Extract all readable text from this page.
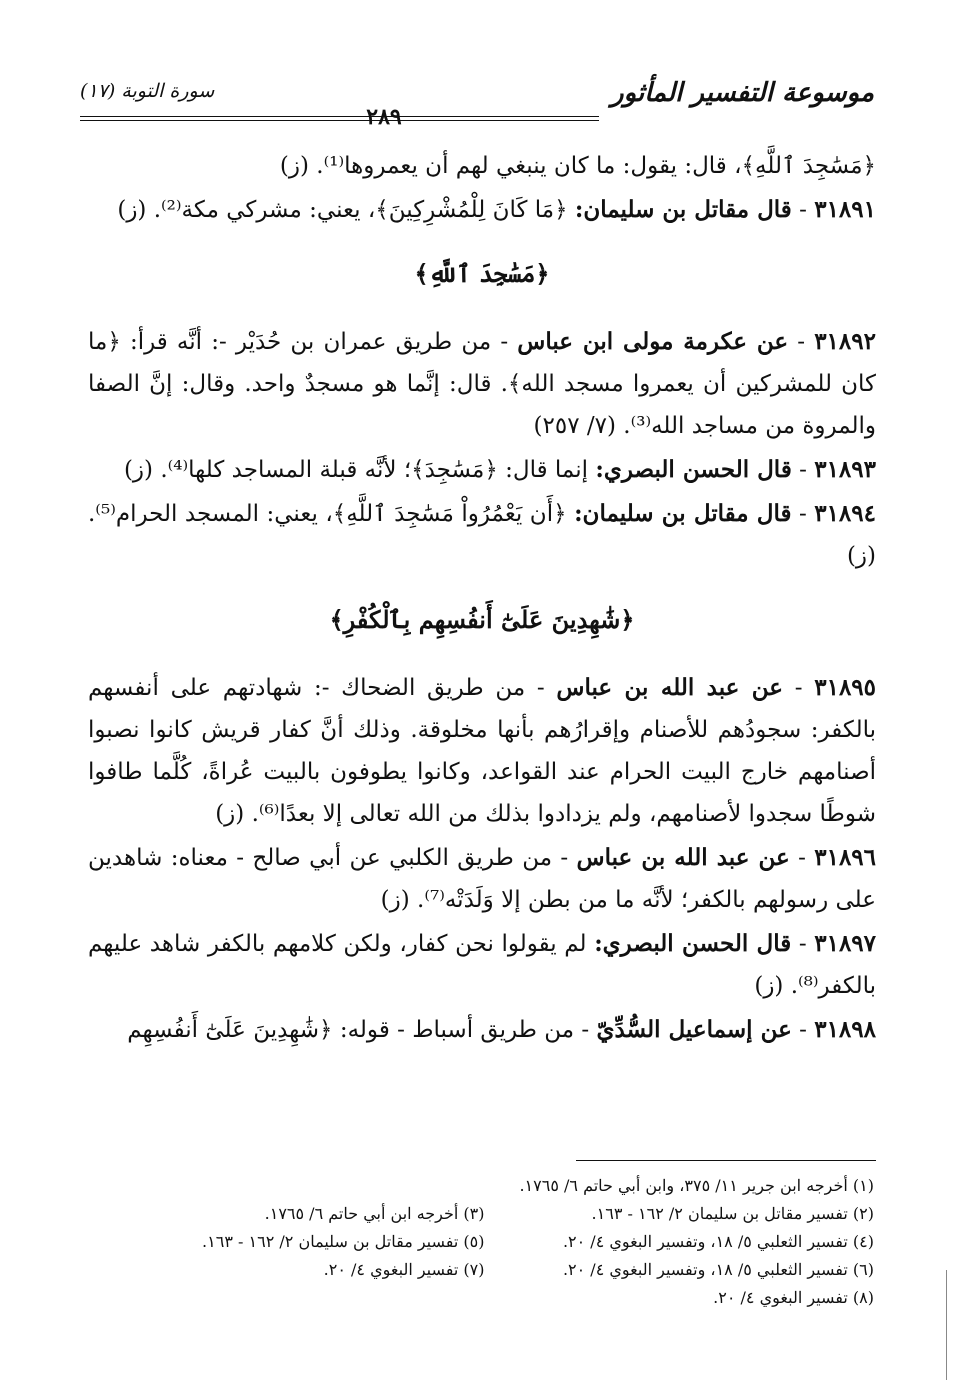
موسوعة التفسير المأثور
٢٨٩
سورة التوبة (١٧)

﴿مَسَٰجِدَ ٱللَّهِ﴾، قال: يقول: ما كان ينبغي لهم أن يعمروها⁽¹⁾. (ز)

٣١٨٩١ - قال مقاتل بن سليمان: ﴿مَا كَانَ لِلْمُشْرِكِينَ﴾، يعني: مشركي مكة⁽²⁾. (ز)

﴿مَسَٰجِدَ ٱللَّهِ﴾

٣١٨٩٢ - عن عكرمة مولى ابن عباس - من طريق عمران بن حُدَيْر -: أنَّه قرأ: ﴿ما كان للمشركين أن يعمروا مسجد الله﴾. قال: إنَّما هو مسجدٌ واحد. وقال: إنَّ الصفا والمروة من مساجد الله⁽³⁾. (٧/ ٢٥٧)

٣١٨٩٣ - قال الحسن البصري: إنما قال: ﴿مَسَٰجِدَ﴾؛ لأنَّه قبلة المساجد كلها⁽⁴⁾. (ز)

٣١٨٩٤ - قال مقاتل بن سليمان: ﴿أَن يَعْمُرُواْ مَسَٰجِدَ ٱللَّهِ﴾، يعني: المسجد الحرام⁽⁵⁾. (ز)

﴿شَٰهِدِينَ عَلَىٰٓ أَنفُسِهِم بِٱلْكُفْرِ﴾

٣١٨٩٥ - عن عبد الله بن عباس - من طريق الضحاك -: شهادتهم على أنفسهم بالكفر: سجودُهم للأصنام وإقرارُهم بأنها مخلوقة. وذلك أنَّ كفار قريش كانوا نصبوا أصنامهم خارج البيت الحرام عند القواعد، وكانوا يطوفون بالبيت عُراةً، كُلَّما طافوا شوطًا سجدوا لأصنامهم، ولم يزدادوا بذلك من الله تعالى إلا بعدًا⁽⁶⁾. (ز)

٣١٨٩٦ - عن عبد الله بن عباس - من طريق الكلبي عن أبي صالح - معناه: شاهدين على رسولهم بالكفر؛ لأنَّه ما من بطن إلا وَلَدَتْه⁽⁷⁾. (ز)

٣١٨٩٧ - قال الحسن البصري: لم يقولوا نحن كفار، ولكن كلامهم بالكفر شاهد عليهم بالكفر⁽⁸⁾. (ز)

٣١٨٩٨ - عن إسماعيل السُّدِّيّ - من طريق أسباط - قوله: ﴿شَٰهِدِينَ عَلَىٰٓ أَنفُسِهِم

(١) أخرجه ابن جرير ١١/ ٣٧٥، وابن أبي حاتم ٦/ ١٧٦٥.
(٢) تفسير مقاتل بن سليمان ٢/ ١٦٢ - ١٦٣.
(٣) أخرجه ابن أبي حاتم ٦/ ١٧٦٥.
(٤) تفسير الثعلبي ٥/ ١٨، وتفسير البغوي ٤/ ٢٠.
(٥) تفسير مقاتل بن سليمان ٢/ ١٦٢ - ١٦٣.
(٦) تفسير الثعلبي ٥/ ١٨، وتفسير البغوي ٤/ ٢٠.
(٧) تفسير البغوي ٤/ ٢٠.
(٨) تفسير البغوي ٤/ ٢٠.
